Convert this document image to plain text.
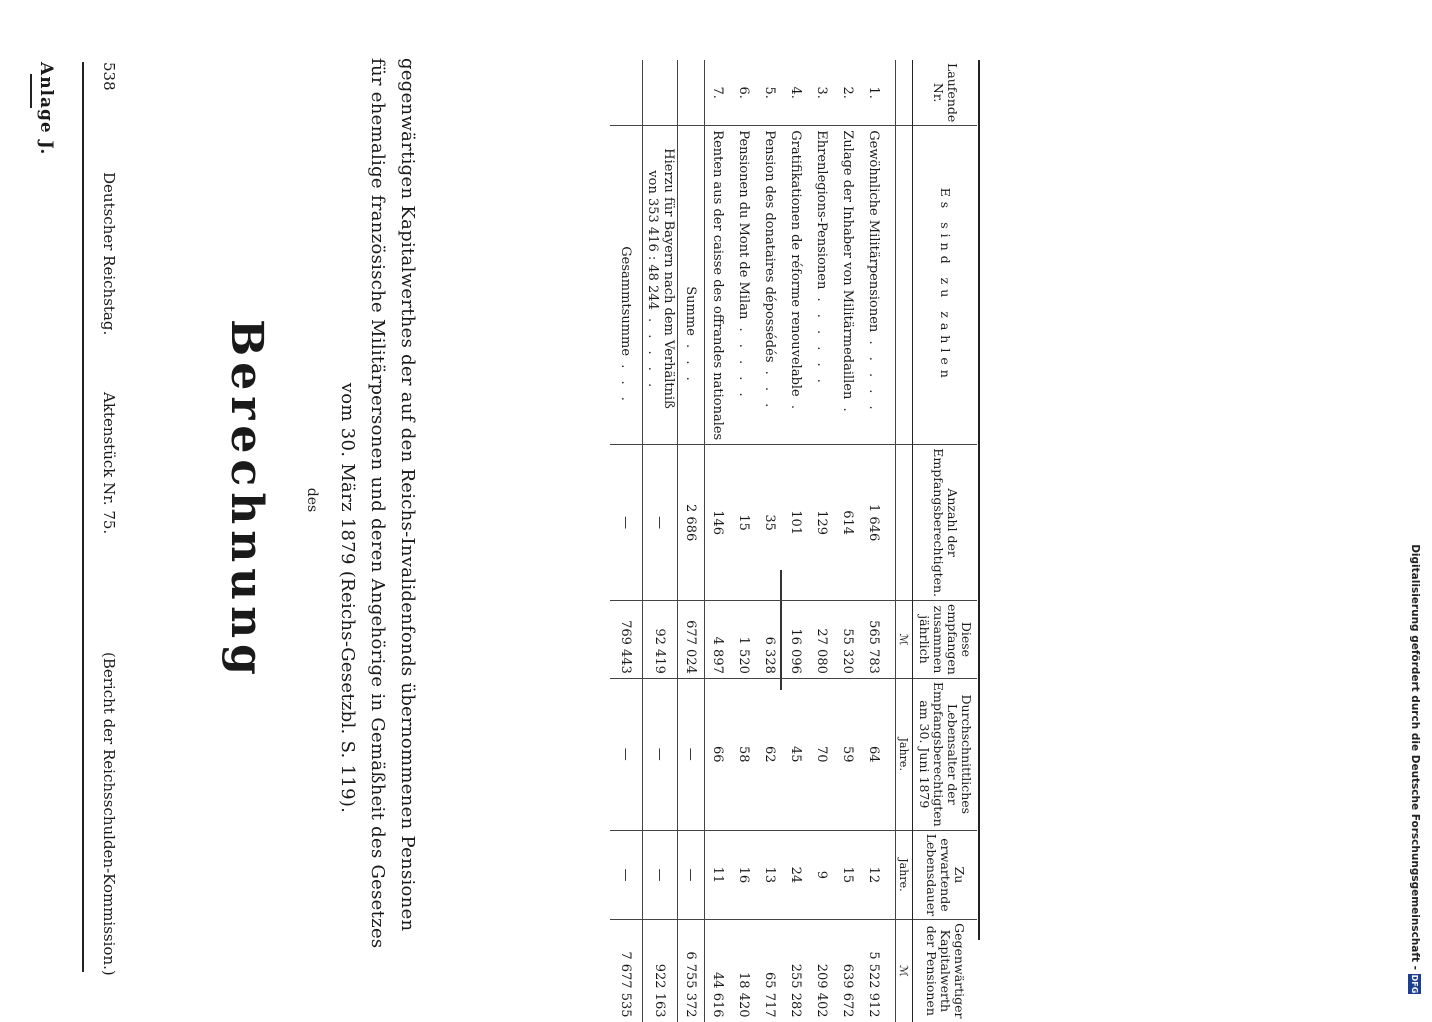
Digitalisierung gefördert durch die Deutsche Forschungsgemeinschaft -
DFG
538
Deutscher Reichstag.
Aktenstück Nr. 75.
(Bericht der Reichsschulden-Kommission.)
Anlage J.
Berechnung des	gegenwärtigen Kapitalwerthes der auf den Reichs-Invalidenfonds übernommenen Pensionen
für ehemalige französische Militärpersonen und deren Angehörige in Gemäßheit des Gesetzes
vom 30. März 1879 (Reichs-Gesetzbl. S. 119).
Laufende Nr.	Es sind zu zahlen	Anzahl der Empfangsberechtigten.	Diese empfangen zusammen jährlich	Durchschnittliches Lebensalter der Empfangsberechtigten am 30. Juni 1879	Zu erwartende Lebensdauer	Gegenwärtiger Kapitalwerth der Pensionen
			ℳ	Jahre.	Jahre.	ℳ

1.	Gewöhnliche Militärpensionen . . . . .	1 646	565 783	64	12	5 522 912
2.	Zulage der Inhaber von Militärmedaillen .	614	55 320	59	15	639 672
3.	Ehrenlegions-Pensionen . . . . . .	129	27 080	70	9	209 402
4.	Gratifikationen de réforme renouvelable .	101	16 096	45	24	255 282
5.	Pension des donataires dépossédés . . .	35	6 328	62	13	65 717
6.	Pensionen du Mont de Milan . . . . .	15	1 520	58	16	18 420
7.	Renten aus der caisse des offrandes nationales	146	4 897	66	11	44 616
	Summe . . .	2 686	677 024	—	—	6 755 372

	Hierzu für Bayern nach dem Verhältniß
von 353 416 : 48 244 . . . . .	—	92 419	—	—	922 163
	Gesammtsumme . . .	—	769 443	—	—	7 677 535
